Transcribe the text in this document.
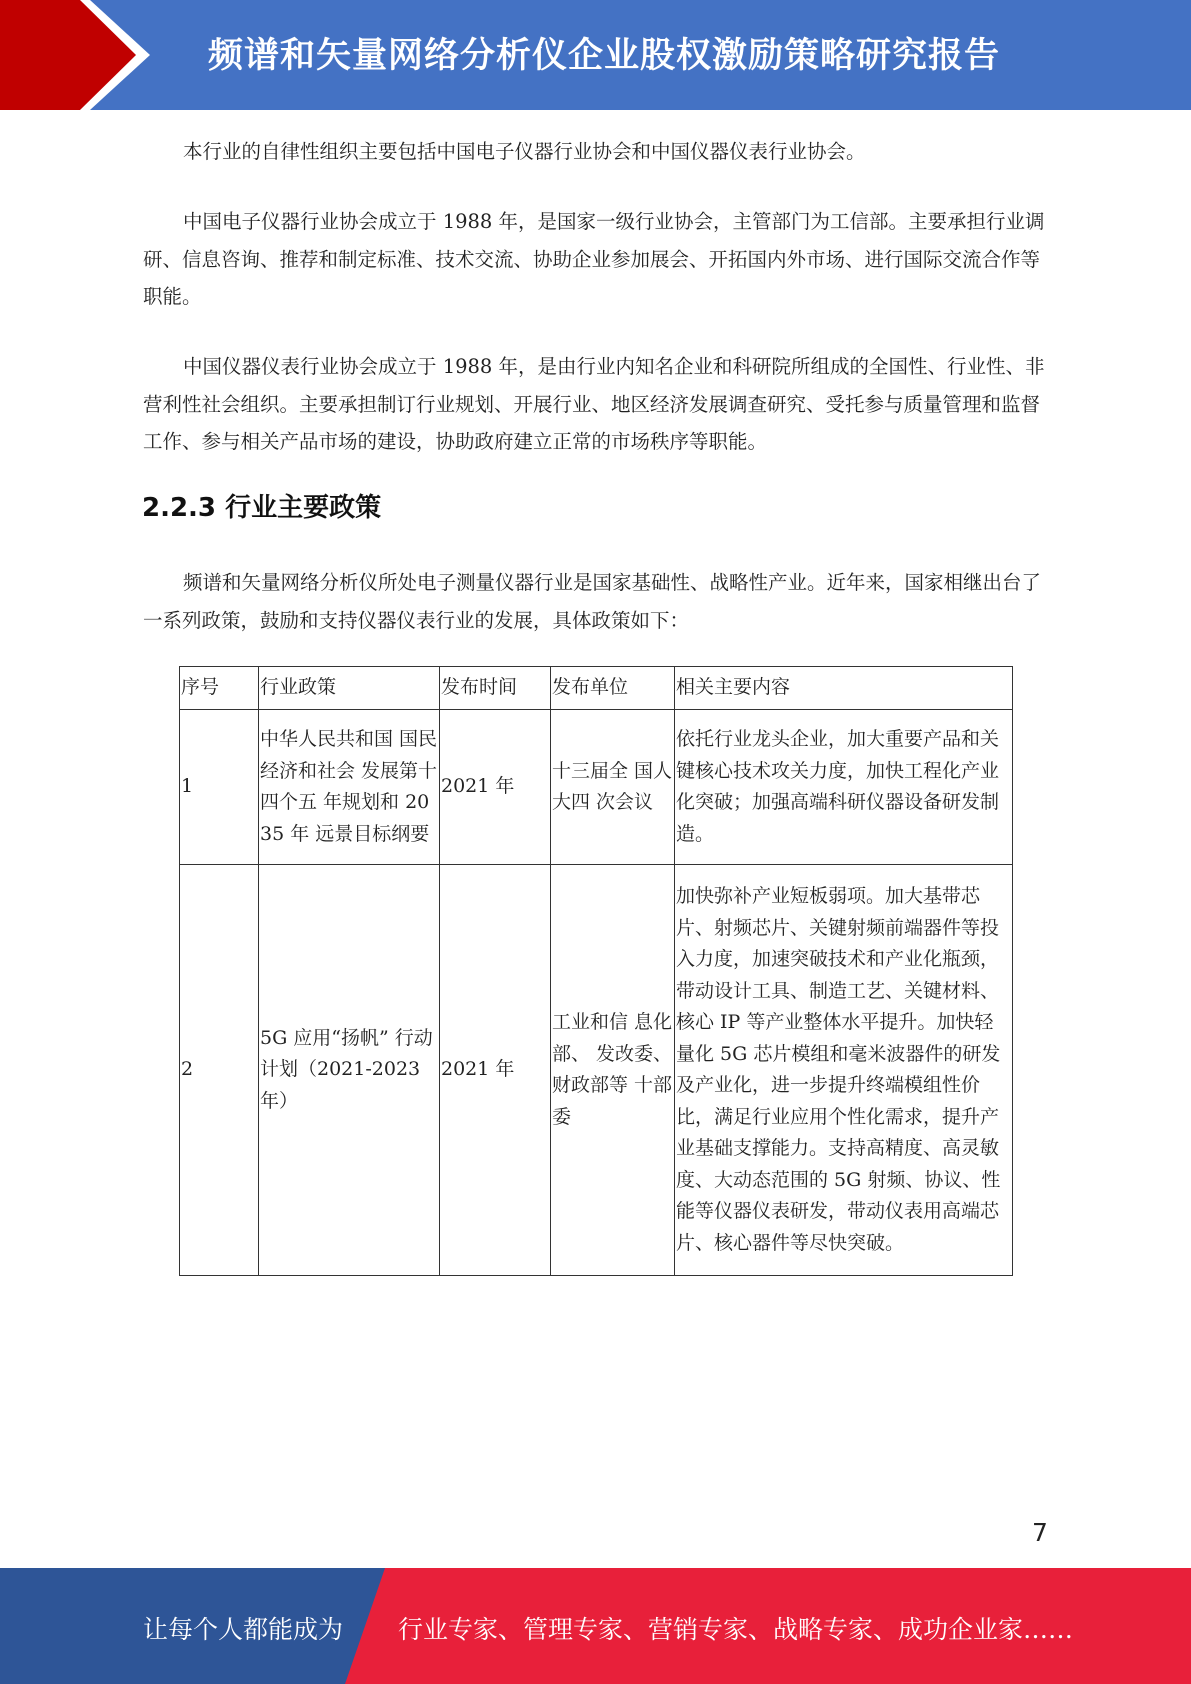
频谱和矢量网络分析仪企业股权激励策略研究报告

本行业的自律性组织主要包括中国电子仪器行业协会和中国仪器仪表行业协会。

中国电子仪器行业协会成立于 1988 年，是国家一级行业协会，主管部门为工信部。主要承担行业调研、信息咨询、推荐和制定标准、技术交流、协助企业参加展会、开拓国内外市场、进行国际交流合作等职能。

中国仪器仪表行业协会成立于 1988 年，是由行业内知名企业和科研院所组成的全国性、行业性、非营利性社会组织。主要承担制订行业规划、开展行业、地区经济发展调查研究、受托参与质量管理和监督工作、参与相关产品市场的建设，协助政府建立正常的市场秩序等职能。

2.2.3 行业主要政策

频谱和矢量网络分析仪所处电子测量仪器行业是国家基础性、战略性产业。近年来，国家相继出台了一系列政策，鼓励和支持仪器仪表行业的发展，具体政策如下：

序号	行业政策	发布时间	发布单位	相关主要内容
1	中华人民共和国 国民经济和社会 发展第十四个五 年规划和 2035 年 远景目标纲要	2021 年	十三届全 国人大四 次会议	依托行业龙头企业，加大重要产品和关键核心技术攻关力度，加快工程化产业化突破；加强高端科研仪器设备研发制造。
2	5G 应用“扬帆” 行动计划（2021-2023 年）	2021 年	工业和信 息化部、 发改委、财政部等 十部委	加快弥补产业短板弱项。加大基带芯片、射频芯片、关键射频前端器件等投入力度，加速突破技术和产业化瓶颈，带动设计工具、制造工艺、关键材料、核心 IP 等产业整体水平提升。加快轻量化 5G 芯片模组和毫米波器件的研发及产业化，进一步提升终端模组性价比，满足行业应用个性化需求，提升产业基础支撑能力。支持高精度、高灵敏度、大动态范围的 5G 射频、协议、性能等仪器仪表研发，带动仪表用高端芯片、核心器件等尽快突破。
7
让每个人都能成为 行业专家、管理专家、营销专家、战略专家、成功企业家……
